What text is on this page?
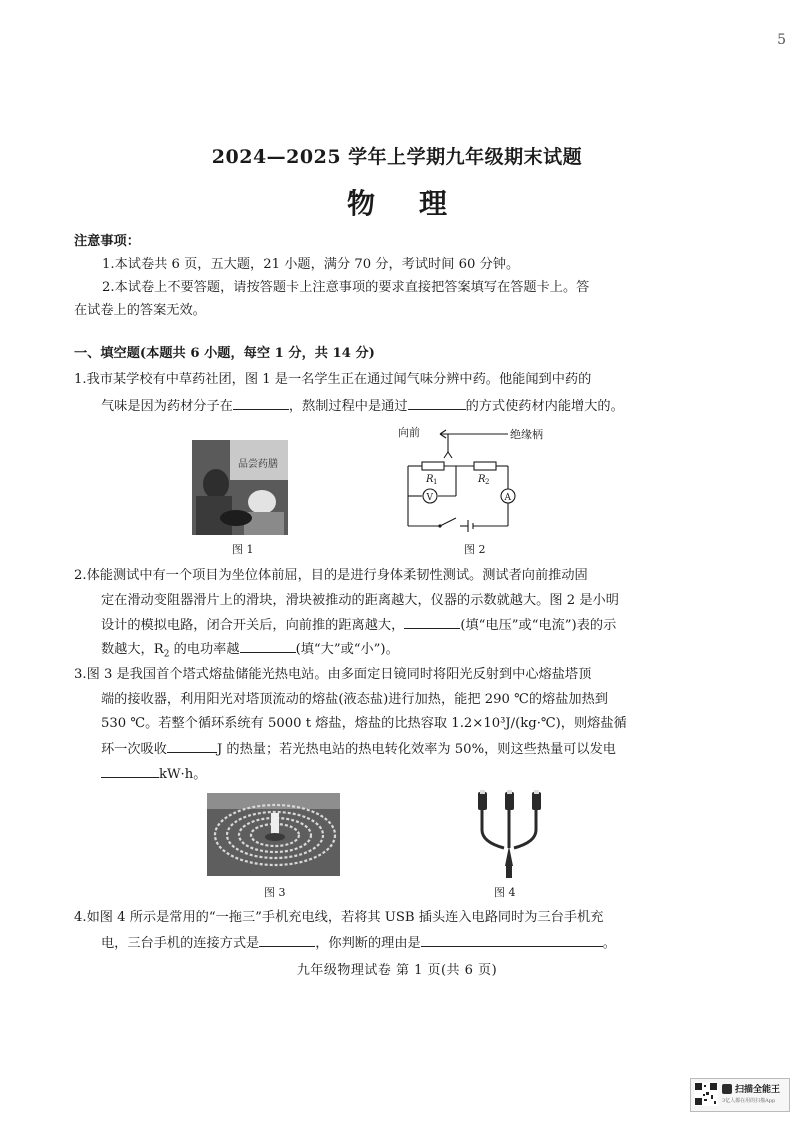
5
2024—2025 学年上学期九年级期末试题
物理
注意事项：
1.本试卷共 6 页，五大题，21 小题，满分 70 分，考试时间 60 分钟。
2.本试卷上不要答题，请按答题卡上注意事项的要求直接把答案填写在答题卡上。答
在试卷上的答案无效。
一、填空题(本题共 6 小题，每空 1 分，共 14 分)
1.我市某学校有中草药社团，图 1 是一名学生正在通过闻气味分辨中药。他能闻到中药的
气味是因为药材分子在	，熬制过程中是通过	的方式使药材内能增大的。
品尝药膳
图 1
向前	绝缘柄
R 1	R 2
V	A
图 2
2.体能测试中有一个项目为坐位体前屈，目的是进行身体柔韧性测试。测试者向前推动固
定在滑动变阻器滑片上的滑块，滑块被推动的距离越大，仪器的示数就越大。图 2 是小明
设计的模拟电路，闭合开关后，向前推的距离越大，	(填“电压”或“电流”)表的示
数越大，$R_2$ 的电功率越	(填“大”或“小”)。
3.图 3 是我国首个塔式熔盐储能光热电站。由多面定日镜同时将阳光反射到中心熔盐塔顶
端的接收器，利用阳光对塔顶流动的熔盐(液态盐)进行加热，能把 290 ℃的熔盐加热到
530 ℃。若整个循环系统有 5000 t 熔盐，熔盐的比热容取 1.2×10³J/(kg·℃)，则熔盐循
环一次吸收	J 的热量；若光热电站的热电转化效率为 50%，则这些热量可以发电
kW·h。
图 3	图 4
4.如图 4 所示是常用的“一拖三”手机充电线，若将其 USB 插头连入电路同时为三台手机充
电，三台手机的连接方式是	，你判断的理由是	。
九年级物理试卷 第 1 页(共 6 页)
扫描全能王
3亿人都在用的扫描App
